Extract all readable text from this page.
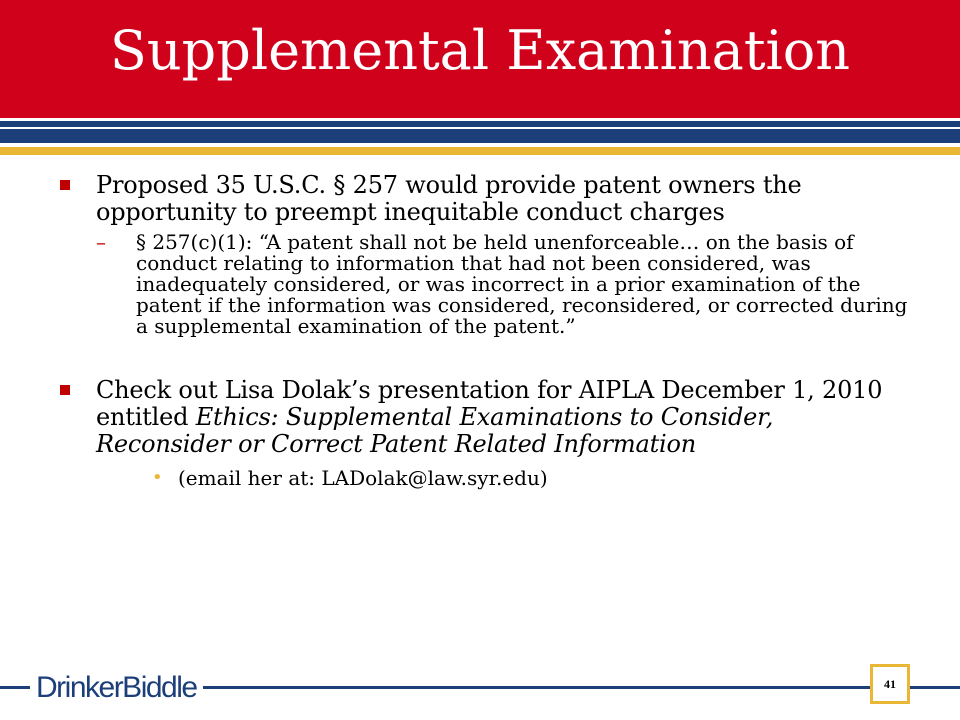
Supplemental Examination
Proposed 35 U.S.C. § 257 would provide patent owners the opportunity to preempt inequitable conduct charges
– § 257(c)(1): “A patent shall not be held unenforceable… on the basis of conduct relating to information that had not been considered, was inadequately considered, or was incorrect in a prior examination of the patent if the information was considered, reconsidered, or corrected during a supplemental examination of the patent.”
Check out Lisa Dolak’s presentation for AIPLA December 1, 2010 entitled Ethics: Supplemental Examinations to Consider, Reconsider or Correct Patent Related Information
• (email her at: LADolak@law.syr.edu)
DrinkerBiddle	41
